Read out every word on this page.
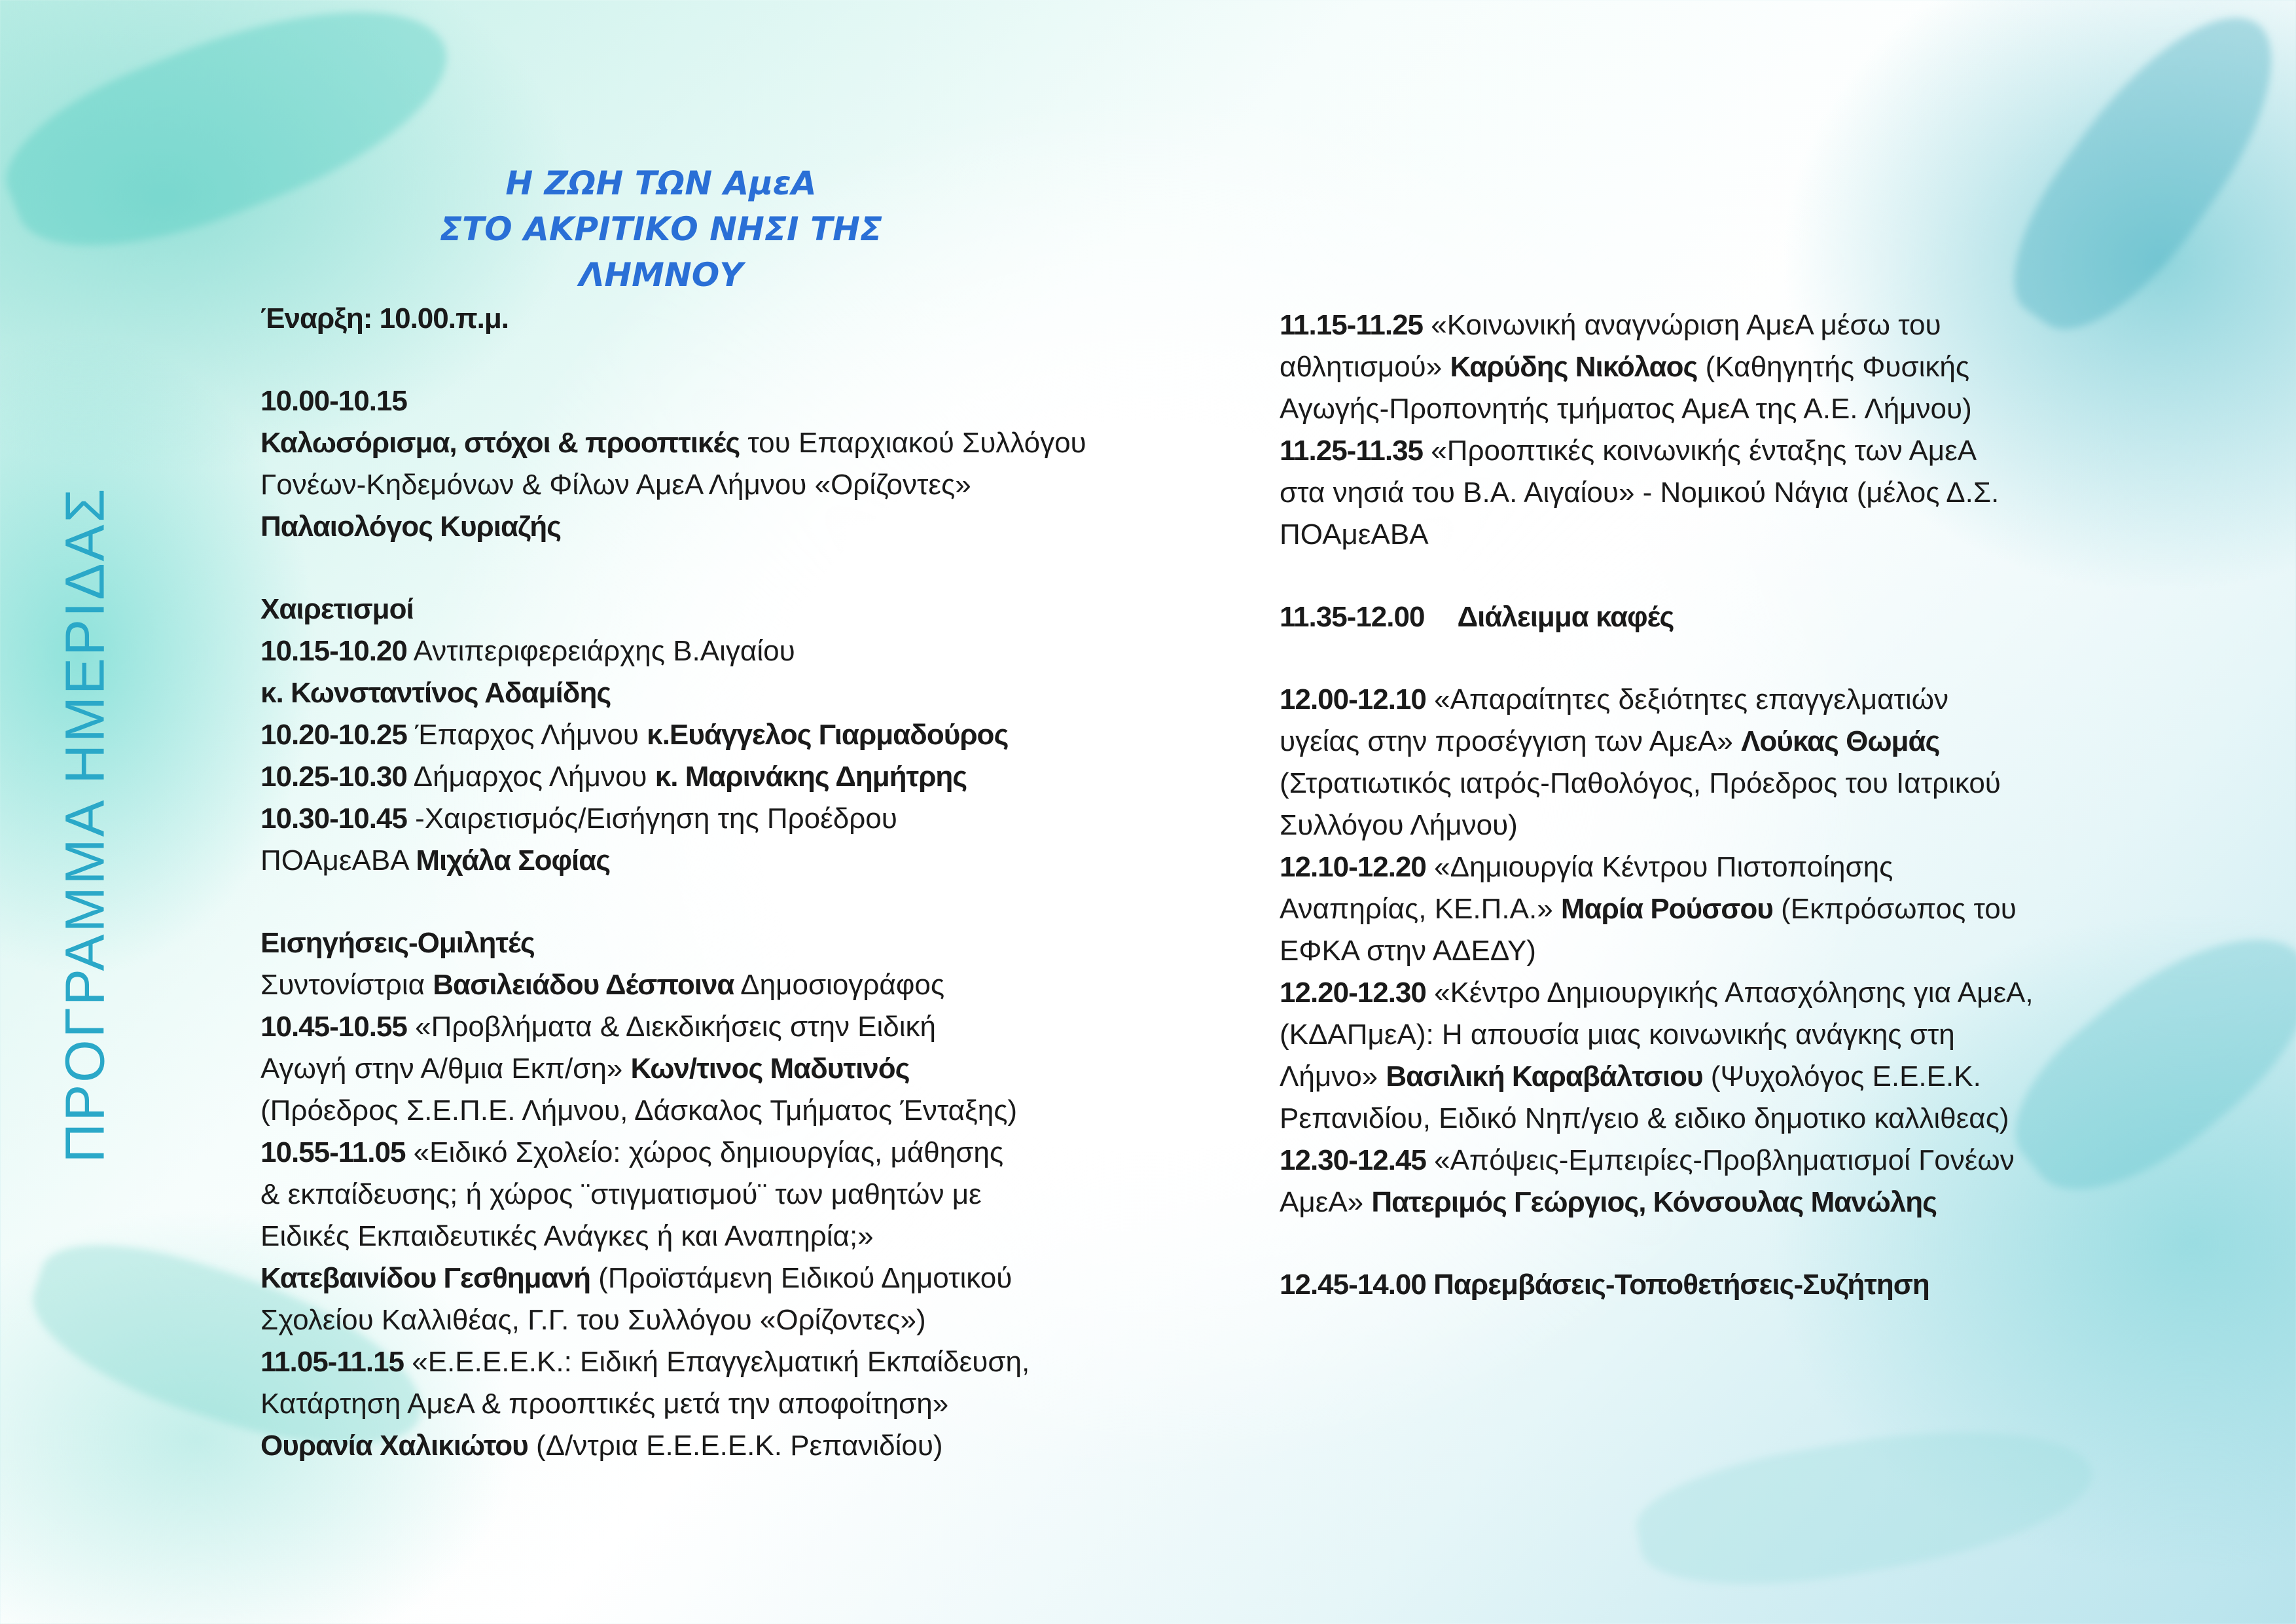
ΠΡΟΓΡΑΜΜΑ ΗΜΕΡΙΔΑΣ
Η ΖΩΗ ΤΩΝ ΑμεΑ
ΣΤΟ ΑΚΡΙΤΙΚΟ ΝΗΣΙ ΤΗΣ ΛΗΜΝΟΥ
Έναρξη: 10.00.π.μ.
10.00-10.15
Καλωσόρισμα, στόχοι & προοπτικές του Επαρχιακού Συλλόγου
Γονέων-Κηδεμόνων & Φίλων ΑμεΑ Λήμνου «Ορίζοντες»
Παλαιολόγος Κυριαζής
Χαιρετισμοί
10.15-10.20 Αντιπεριφερειάρχης Β.Αιγαίου
κ. Κωνσταντίνος Αδαμίδης
10.20-10.25 Έπαρχος Λήμνου κ.Ευάγγελος Γιαρμαδούρος
10.25-10.30 Δήμαρχος Λήμνου κ. Μαρινάκης Δημήτρης
10.30-10.45 -Χαιρετισμός/Εισήγηση της Προέδρου
ΠΟΑμεΑΒΑ Μιχάλα Σοφίας
Εισηγήσεις-Ομιλητές
Συντονίστρια Βασιλειάδου Δέσποινα Δημοσιογράφος
10.45-10.55 «Προβλήματα & Διεκδικήσεις στην Ειδική
Αγωγή στην Α/θμια Εκπ/ση» Κων/τινος Μαδυτινός
(Πρόεδρος Σ.Ε.Π.Ε. Λήμνου, Δάσκαλος Τμήματος Ένταξης)
10.55-11.05 «Ειδικό Σχολείο: χώρος δημιουργίας, μάθησης
& εκπαίδευσης; ή χώρος ¨στιγματισμού¨ των μαθητών με
Ειδικές Εκπαιδευτικές Ανάγκες ή και Αναπηρία;»
Κατεβαινίδου Γεσθημανή (Προϊστάμενη Ειδικού Δημοτικού
Σχολείου Καλλιθέας, Γ.Γ. του Συλλόγου «Ορίζοντες»)
11.05-11.15 «Ε.Ε.Ε.Ε.Κ.: Ειδική Επαγγελματική Εκπαίδευση,
Κατάρτηση ΑμεΑ & προοπτικές μετά την αποφοίτηση»
Ουρανία Χαλικιώτου (Δ/ντρια Ε.Ε.Ε.Ε.Κ. Ρεπανιδίου)
11.15-11.25 «Κοινωνική αναγνώριση ΑμεΑ μέσω του
αθλητισμού» Καρύδης Νικόλαος (Καθηγητής Φυσικής
Αγωγής-Προπονητής τμήματος ΑμεΑ της Α.Ε. Λήμνου)
11.25-11.35 «Προοπτικές κοινωνικής ένταξης των ΑμεΑ
στα νησιά του Β.Α. Αιγαίου» - Νομικού Νάγια (μέλος Δ.Σ.
ΠΟΑμεΑΒΑ
11.35-12.00 Διάλειμμα καφές
12.00-12.10 «Απαραίτητες δεξιότητες επαγγελματιών
υγείας στην προσέγγιση των ΑμεΑ» Λούκας Θωμάς
(Στρατιωτικός ιατρός-Παθολόγος, Πρόεδρος του Ιατρικού
Συλλόγου Λήμνου)
12.10-12.20 «Δημιουργία Κέντρου Πιστοποίησης
Αναπηρίας, ΚΕ.Π.Α.» Μαρία Ρούσσου (Εκπρόσωπος του
ΕΦΚΑ στην ΑΔΕΔΥ)
12.20-12.30 «Κέντρο Δημιουργικής Απασχόλησης για ΑμεΑ,
(ΚΔΑΠμεΑ): Η απουσία μιας κοινωνικής ανάγκης στη
Λήμνο» Βασιλική Καραβάλτσιου (Ψυχολόγος Ε.Ε.Ε.Κ.
Ρεπανιδίου, Ειδικό Νηπ/γειο & ειδικο δημοτικο καλλιθεας)
12.30-12.45 «Απόψεις-Εμπειρίες-Προβληματισμοί Γονέων
ΑμεΑ» Πατεριμός Γεώργιος, Κόνσουλας Μανώλης
12.45-14.00 Παρεμβάσεις-Τοποθετήσεις-Συζήτηση
